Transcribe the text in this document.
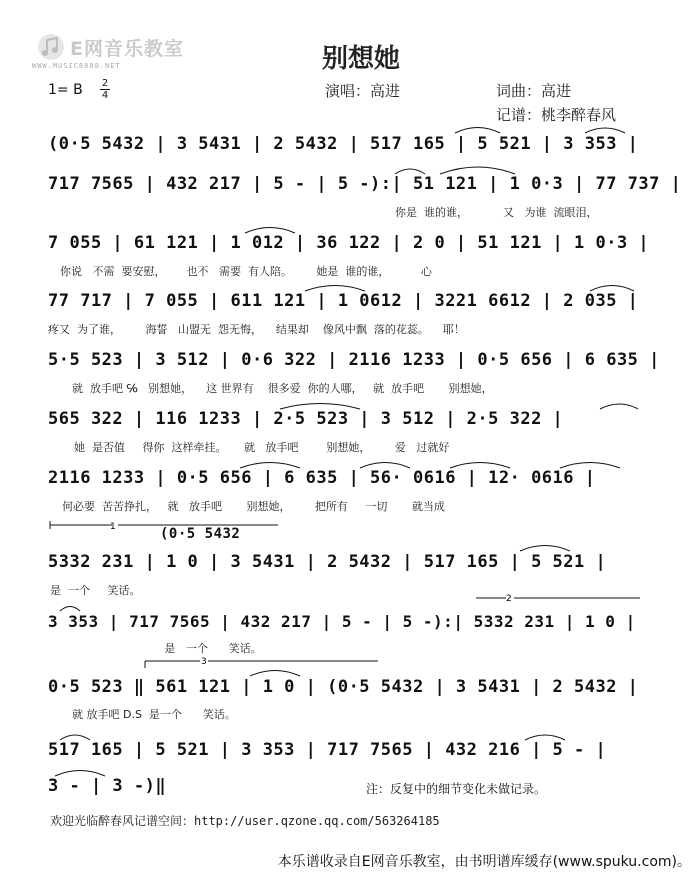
E网音乐教室
WWW.MUSIC8888.NET	别想她
演唱：高进	词曲：高进
记谱：桃李醉春风
1= B 2
4
(0·5 5432 | 3 5431 | 2 5432 | 517 165 | 5 521 | 3 353 |
717 7565 | 432 217 | 5 - | 5 -):| 51 121 | 1 0·3 | 77 737 |
你是  谁的谁，          又   为谁  流眼泪，
7 055 | 61 121 | 1 012 | 36 122 | 2 0 | 51 121 | 1 0·3 |
你说   不需  要安慰，      也不   需要  有人陪。       她是  谁的谁，         心
77 717 | 7 055 | 611 121 | 1 0612 | 3221 6612 | 2 035 |
疼又  为了谁，       海誓   山盟无  怨无悔，    结果却    像风中飘  落的花蕊。    耶！
5·5 523 | 3 512 | 0·6 322 | 2116 1233 | 0·5 656 | 6 635 |
就  放手吧 ℅   别想她，    这 世界有    很多爱  你的人哪，   就  放手吧       别想她，
565 322 | 116 1233 | 2·5 523 | 3 512 | 2·5 322 |
她  是否值     得你  这样牵挂。     就   放手吧        别想她，       爱   过就好
2116 1233 | 0·5 656 | 6 635 | 56· 0616 | 12· 0616 |
何必要  苦苦挣扎，   就   放手吧       别想她，       把所有     一切       就当成
(0·5 5432
5332 231 | 1 0 | 3 5431 | 2 5432 | 517 165 | 5 521 |
是  一个     笑话。
3 353 | 717 7565 | 432 217 | 5 - | 5 -):| 5332 231 | 1 0 |
是   一个      笑话。
0·5 523 ‖ 561 121 | 1 0 | (0·5 5432 | 3 5431 | 2 5432 |
就 放手吧 D.S  是一个      笑话。
517 165 | 5 521 | 3 353 | 717 7565 | 432 216 | 5 - |
3 - | 3 -)‖
1
2
3
注：反复中的细节变化未做记录。
欢迎光临醉春风记谱空间：http://user.qzone.qq.com/563264185
本乐谱收录自E网音乐教室，由书明谱库缓存(www.spuku.com)。
